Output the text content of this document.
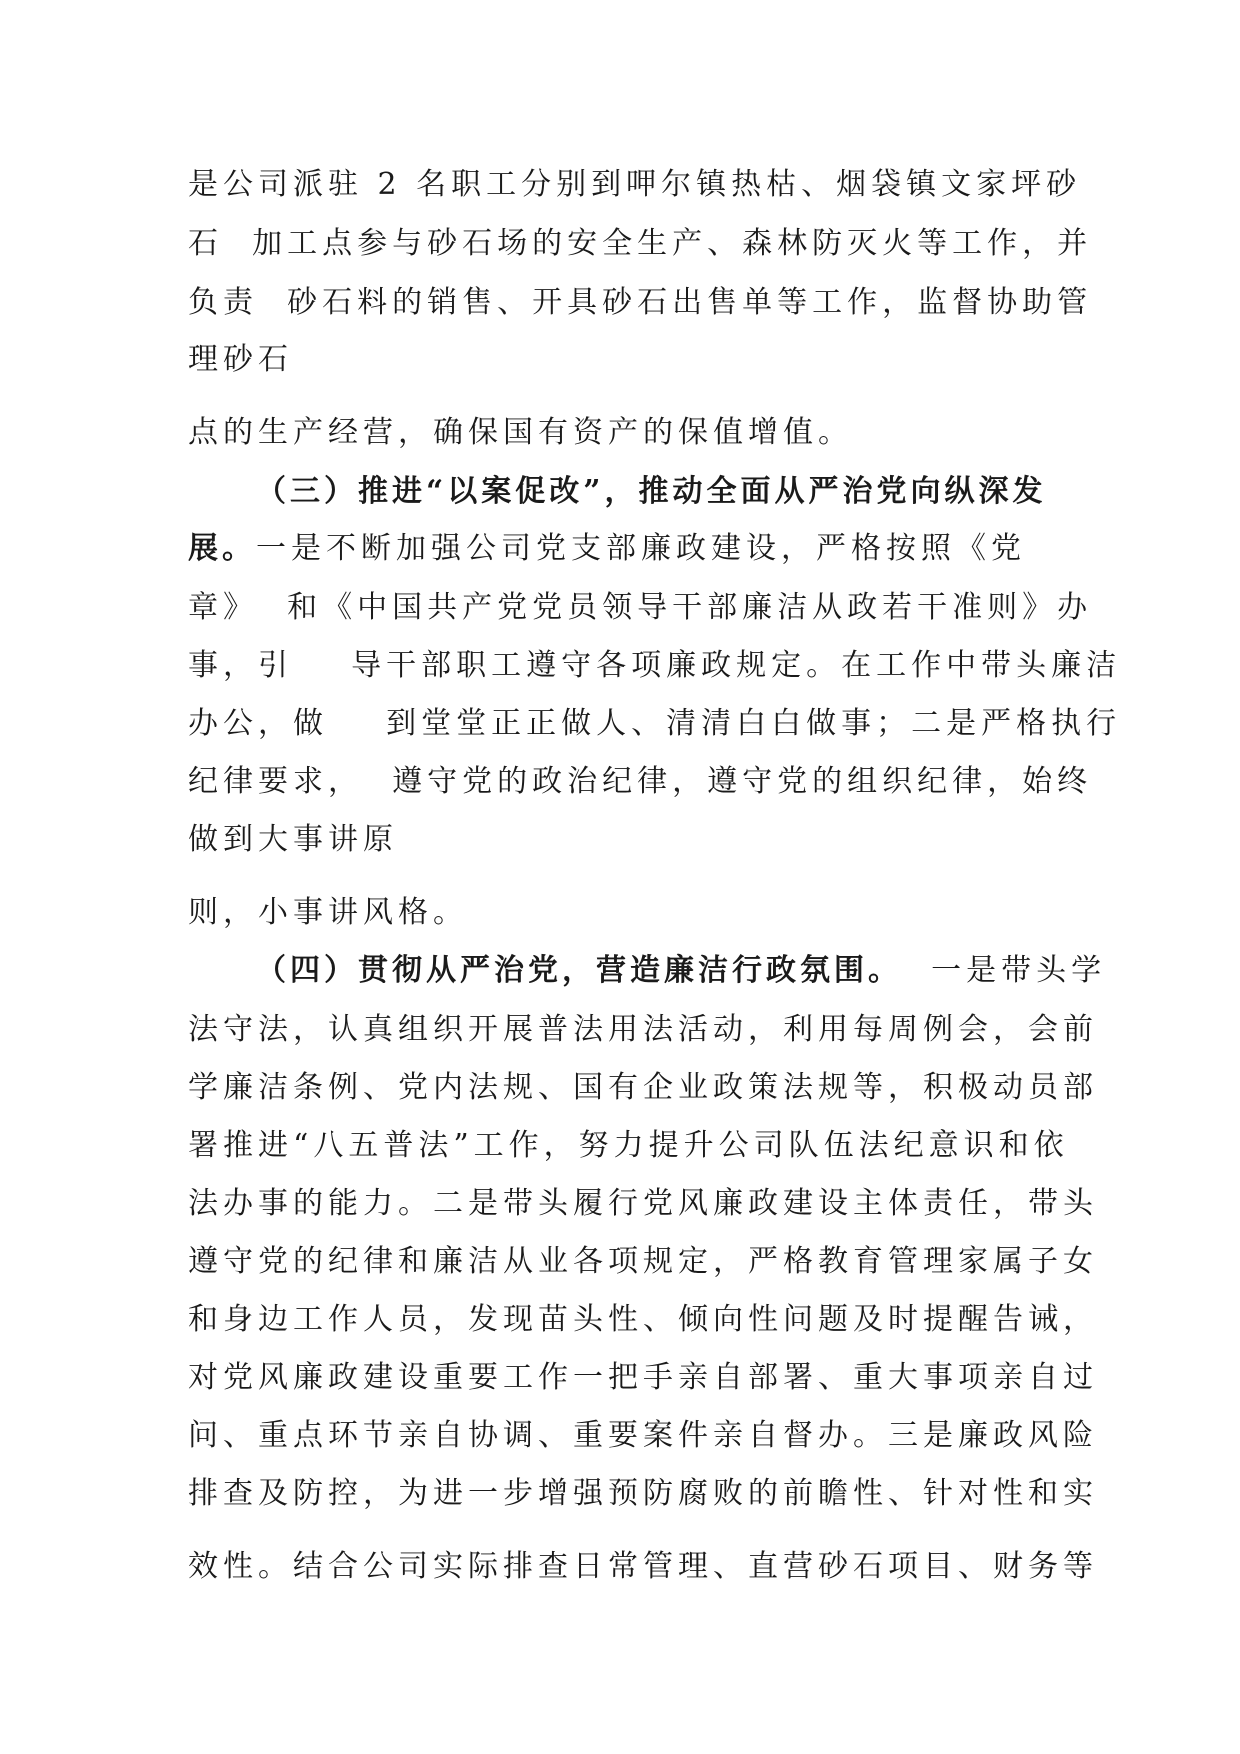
是公司派驻 2 名职工分别到呷尔镇热枯、烟袋镇文家坪砂

石  加工点参与砂石场的安全生产、森林防灭火等工作，并

负责  砂石料的销售、开具砂石出售单等工作，监督协助管

理砂石

点的生产经营，确保国有资产的保值增值。

（三）推进“以案促改”，推动全面从严治党向纵深发

展。一是不断加强公司党支部廉政建设，严格按照《党

章》  和《中国共产党党员领导干部廉洁从政若干准则》办

事，引    导干部职工遵守各项廉政规定。在工作中带头廉洁

办公，做    到堂堂正正做人、清清白白做事；二是严格执行

纪律要求，  遵守党的政治纪律，遵守党的组织纪律，始终

做到大事讲原

则，小事讲风格。

（四）贯彻从严治党，营造廉洁行政氛围。  一是带头学

法守法，认真组织开展普法用法活动，利用每周例会，会前

学廉洁条例、党内法规、国有企业政策法规等，积极动员部

署推进“八五普法”工作，努力提升公司队伍法纪意识和依

法办事的能力。二是带头履行党风廉政建设主体责任，带头

遵守党的纪律和廉洁从业各项规定，严格教育管理家属子女

和身边工作人员，发现苗头性、倾向性问题及时提醒告诫，

对党风廉政建设重要工作一把手亲自部署、重大事项亲自过

问、重点环节亲自协调、重要案件亲自督办。三是廉政风险

排查及防控，为进一步增强预防腐败的前瞻性、针对性和实

效性。结合公司实际排查日常管理、直营砂石项目、财务等
